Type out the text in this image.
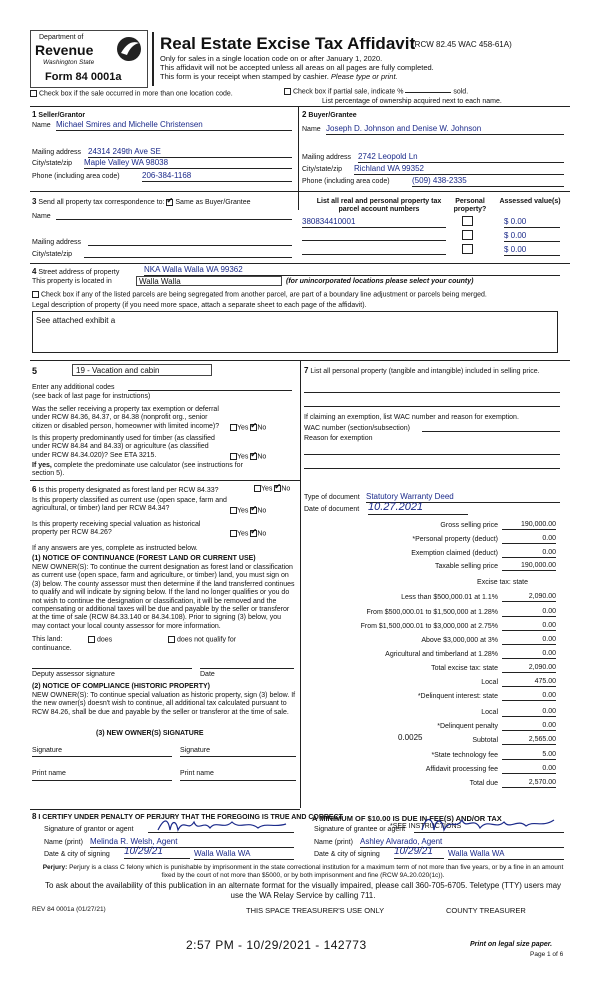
Department of
Revenue
Washington State
Form 84 0001a
Real Estate Excise Tax Affidavit
(RCW 82.45 WAC 458-61A)
Only for sales in a single location code on or after January 1, 2020.
This affidavit will not be accepted unless all areas on all pages are fully completed.
This form is your receipt when stamped by cashier. Please type or print.
Check box if the sale occurred in more than one location code.	Check box if partial sale, indicate %	sold.
List percentage of ownership acquired next to each name.
1 Seller/Grantor
Name Michael Smires and Michelle Christensen
Mailing address 24314 249th Ave SE
City/state/zip Maple Valley WA 98038
Phone (including area code)	206-384-1168
2 Buyer/Grantee
Name Joseph D. Johnson and Denise W. Johnson
Mailing address 2742 Leopold Ln
City/state/zip Richland WA 99352
Phone (including area code)	(509) 438-2335
3 Send all property tax correspondence to: ✔ Same as Buyer/Grantee
Name
Mailing address
City/state/zip
List all real and personal property tax parcel account numbers
Personal property?
Assessed value(s)
380834410001	$ 0.00
$ 0.00
$ 0.00
4 Street address of property	NKA Walla Walla WA 99362
This property is located in	Walla Walla	(for unincorporated locations please select your county)
Check box if any of the listed parcels are being segregated from another parcel, are part of a boundary line adjustment or parcels being merged.
Legal description of property (if you need more space, attach a separate sheet to each page of the affidavit).
See attached exhibit a
5	19 - Vacation and cabin
Enter any additional codes
(see back of last page for instructions)
Was the seller receiving a property tax exemption or deferral under RCW 84.36, 84.37, or 84.38 (nonprofit org., senior citizen or disabled person, homeowner with limited income)?	Yes ✔ No
Is this property predominantly used for timber (as classified under RCW 84.84 and 84.33) or agriculture (as classified under RCW 84.34.020)? See ETA 3215.	Yes ✔ No
If yes, complete the predominate use calculator (see instructions for section 5).
6 Is this property designated as forest land per RCW 84.33?	Yes ✔ No
Is this property classified as current use (open space, farm and agricultural, or timber) land per RCW 84.34?	Yes ✔ No
Is this property receiving special valuation as historical property per RCW 84.26?	Yes ✔ No
If any answers are yes, complete as instructed below.
(1) NOTICE OF CONTINUANCE (FOREST LAND OR CURRENT USE)
NEW OWNER(S): To continue the current designation as forest land or classification as current use (open space, farm and agriculture, or timber) land, you must sign on (3) below. The county assessor must then determine if the land transferred continues to qualify and will indicate by signing below. If the land no longer qualifies or you do not wish to continue the designation or classification, it will be removed and the compensating or additional taxes will be due and payable by the seller or transferor at the time of sale (RCW 84.33.140 or 84.34.108). Prior to signing (3) below, you may contact your local county assessor for more information.
This land:	does	does not qualify for
continuance.
Deputy assessor signature	Date
(2) NOTICE OF COMPLIANCE (HISTORIC PROPERTY)
NEW OWNER(S): To continue special valuation as historic property, sign (3) below. If the new owner(s) doesn't wish to continue, all additional tax calculated pursuant to RCW 84.26, shall be due and payable by the seller or transferor at the time of sale.
(3) NEW OWNER(S) SIGNATURE
Signature	Signature
Print name	Print name
7 List all personal property (tangible and intangible) included in selling price.
If claiming an exemption, list WAC number and reason for exemption.
WAC number (section/subsection)
Reason for exemption
Type of document Statutory Warranty Deed
Date of document 10.27.2021
Gross selling price	190,000.00
*Personal property (deduct)	0.00
Exemption claimed (deduct)	0.00
Taxable selling price	190,000.00
Excise tax: state
Less than $500,000.01 at 1.1%	2,090.00
From $500,000.01 to $1,500,000 at 1.28%	0.00
From $1,500,000.01 to $3,000,000 at 2.75%	0.00
Above $3,000,000 at 3%	0.00
Agricultural and timberland at 1.28%	0.00
Total excise tax: state	2,090.00
Local	475.00
*Delinquent interest: state	0.00
Local	0.00
*Delinquent penalty	0.00
Subtotal	2,565.00
*State technology fee	5.00
Affidavit processing fee	0.00
Total due	2,570.00
0.0025
A MINIMUM OF $10.00 IS DUE IN FEE(S) AND/OR TAX
*SEE INSTRUCTIONS
8 I CERTIFY UNDER PENALTY OF PERJURY THAT THE FOREGOING IS TRUE AND CORRECT
Signature of grantor or agent
Name (print) Melinda R. Welsh, Agent
Date & city of signing 10/29/21	Walla Walla WA
Signature of grantee or agent
Name (print) Ashley Alvarado, Agent
Date & city of signing 10/29/21	Walla Walla WA
Perjury: Perjury is a class C felony which is punishable by imprisonment in the state correctional institution for a maximum term of not more than five years, or by a fine in an amount fixed by the court of not more than $5000, or by both imprisonment and fine (RCW 9A.20.020(1c)).
To ask about the availability of this publication in an alternate format for the visually impaired, please call 360-705-6705. Teletype (TTY) users may use the WA Relay Service by calling 711.
REV 84 0001a (01/27/21)	THIS SPACE TREASURER'S USE ONLY	COUNTY TREASURER
2:57 PM - 10/29/2021 - 142773	Print on legal size paper.
Page 1 of 6
